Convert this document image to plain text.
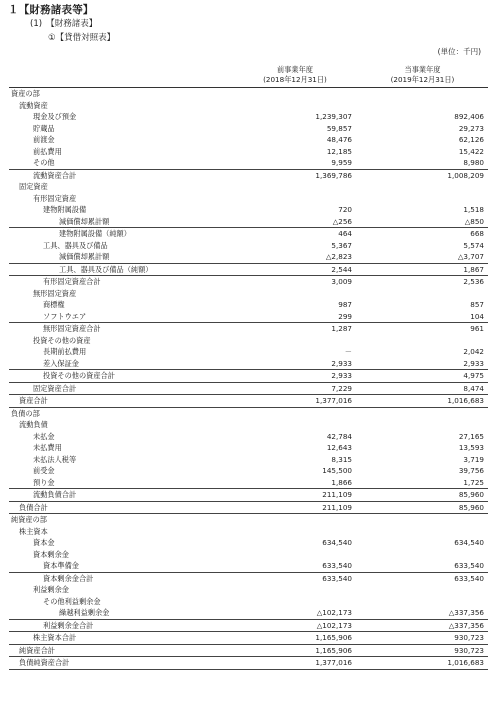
１【財務諸表等】
(1)　【財務諸表】
①【貸借対照表】
(単位：千円)
前事業年度
(2018年12月31日)
当事業年度
(2019年12月31日)
資産の部
流動資産
現金及び預金	1,239,307	892,406
貯蔵品	59,857	29,273
前渡金	48,476	62,126
前払費用	12,185	15,422
その他	9,959	8,980
流動資産合計	1,369,786	1,008,209
固定資産
有形固定資産
建物附属設備	720	1,518
減価償却累計額	△256	△850
建物附属設備（純額）	464	668
工具、器具及び備品	5,367	5,574
減価償却累計額	△2,823	△3,707
工具、器具及び備品（純額）	2,544	1,867
有形固定資産合計	3,009	2,536
無形固定資産
商標権	987	857
ソフトウエア	299	104
無形固定資産合計	1,287	961
投資その他の資産
長期前払費用	－	2,042
差入保証金	2,933	2,933
投資その他の資産合計	2,933	4,975
固定資産合計	7,229	8,474
資産合計	1,377,016	1,016,683
負債の部
流動負債
未払金	42,784	27,165
未払費用	12,643	13,593
未払法人税等	8,315	3,719
前受金	145,500	39,756
預り金	1,866	1,725
流動負債合計	211,109	85,960
負債合計	211,109	85,960
純資産の部
株主資本
資本金	634,540	634,540
資本剰余金
資本準備金	633,540	633,540
資本剰余金合計	633,540	633,540
利益剰余金
その他利益剰余金
繰越利益剰余金	△102,173	△337,356
利益剰余金合計	△102,173	△337,356
株主資本合計	1,165,906	930,723
純資産合計	1,165,906	930,723
負債純資産合計	1,377,016	1,016,683
